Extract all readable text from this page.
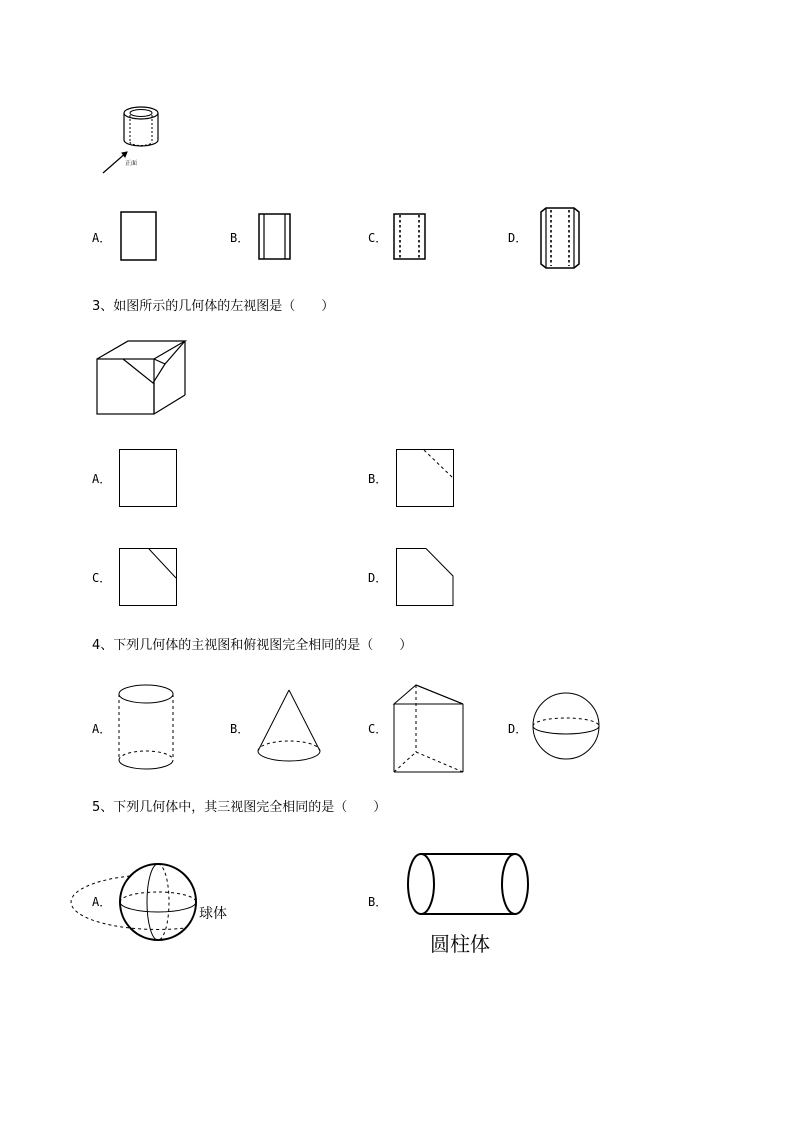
正面
A．	B．	C．	D．
3、如图所示的几何体的左视图是（　　）
A．	B．
C．	D．
4、下列几何体的主视图和俯视图完全相同的是（　　）
A．	B．	C．	D．
5、下列几何体中，其三视图完全相同的是（　　）
A．
球体
B．
圆柱体
